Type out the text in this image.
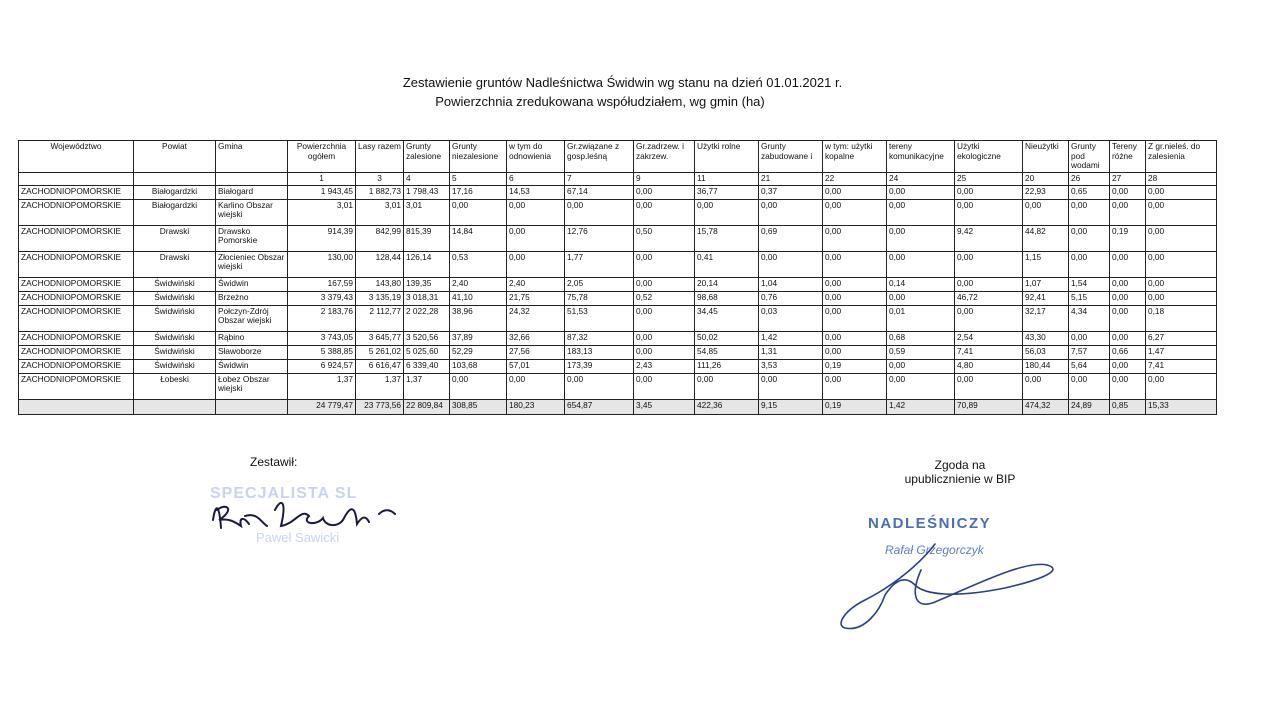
Zestawienie gruntów Nadleśnictwa Świdwin wg stanu na dzień 01.01.2021 r.
Powierzchnia zredukowana współudziałem, wg gmin (ha)
Województwo	Powiat	Gmina	Powierzchnia ogółem	Lasy razem	Grunty zalesione	Grunty niezalesione	w tym do odnowienia	Gr.związane z gosp.leśną	Gr.zadrzew. i zakrzew.	Użytki rolne	Grunty zabudowane i	w tym: użytki kopalne	tereny komunikacyjne	Użytki ekologiczne	Nieużytki	Grunty pod wodami	Tereny różne	Z gr.nieleś. do zalesienia
			1	3	4	5	6	7	9	11	21	22	24	25	20	26	27	28
ZACHODNIOPOMORSKIE	Białogardzki	Białogard	1 943,45	1 882,73	1 798,43	17,16	14,53	67,14	0,00	36,77	0,37	0,00	0,00	0,00	22,93	0,65	0,00	0,00
ZACHODNIOPOMORSKIE	Białogardzki	Karlino Obszar wiejski	3,01	3,01	3,01	0,00	0,00	0,00	0,00	0,00	0,00	0,00	0,00	0,00	0,00	0,00	0,00	0,00
ZACHODNIOPOMORSKIE	Drawski	Drawsko Pomorskie	914,39	842,99	815,39	14,84	0,00	12,76	0,50	15,78	0,69	0,00	0,00	9,42	44,82	0,00	0,19	0,00
ZACHODNIOPOMORSKIE	Drawski	Złocieniec Obszar wiejski	130,00	128,44	126,14	0,53	0,00	1,77	0,00	0,41	0,00	0,00	0,00	0,00	1,15	0,00	0,00	0,00
ZACHODNIOPOMORSKIE	Świdwiński	Świdwin	167,59	143,80	139,35	2,40	2,40	2,05	0,00	20,14	1,04	0,00	0,14	0,00	1,07	1,54	0,00	0,00
ZACHODNIOPOMORSKIE	Świdwiński	Brzeżno	3 379,43	3 135,19	3 018,31	41,10	21,75	75,78	0,52	98,68	0,76	0,00	0,00	46,72	92,41	5,15	0,00	0,00
ZACHODNIOPOMORSKIE	Świdwiński	Połczyn-Zdrój Obszar wiejski	2 183,76	2 112,77	2 022,28	38,96	24,32	51,53	0,00	34,45	0,03	0,00	0,01	0,00	32,17	4,34	0,00	0,18
ZACHODNIOPOMORSKIE	Świdwiński	Rąbino	3 743,05	3 645,77	3 520,56	37,89	32,66	87,32	0,00	50,02	1,42	0,00	0,68	2,54	43,30	0,00	0,00	6,27
ZACHODNIOPOMORSKIE	Świdwiński	Sławoborze	5 388,85	5 261,02	5 025,60	52,29	27,56	183,13	0,00	54,85	1,31	0,00	0,59	7,41	56,03	7,57	0,66	1,47
ZACHODNIOPOMORSKIE	Świdwiński	Świdwin	6 924,57	6 616,47	6 339,40	103,68	57,01	173,39	2,43	111,26	3,53	0,19	0,00	4,80	180,44	5,64	0,00	7,41
ZACHODNIOPOMORSKIE	Łobeski	Łobez Obszar wiejski	1,37	1,37	1,37	0,00	0,00	0,00	0,00	0,00	0,00	0,00	0,00	0,00	0,00	0,00	0,00	0,00
			24 779,47	23 773,56	22 809,84	308,85	180,23	654,87	3,45	422,36	9,15	0,19	1,42	70,89	474,32	24,89	0,85	15,33
Zestawił:
SPECJALISTA SL
Paweł Sawicki
Zgoda na
upublicznienie w BIP
NADLEŚNICZY
Rafał Grzegorczyk
